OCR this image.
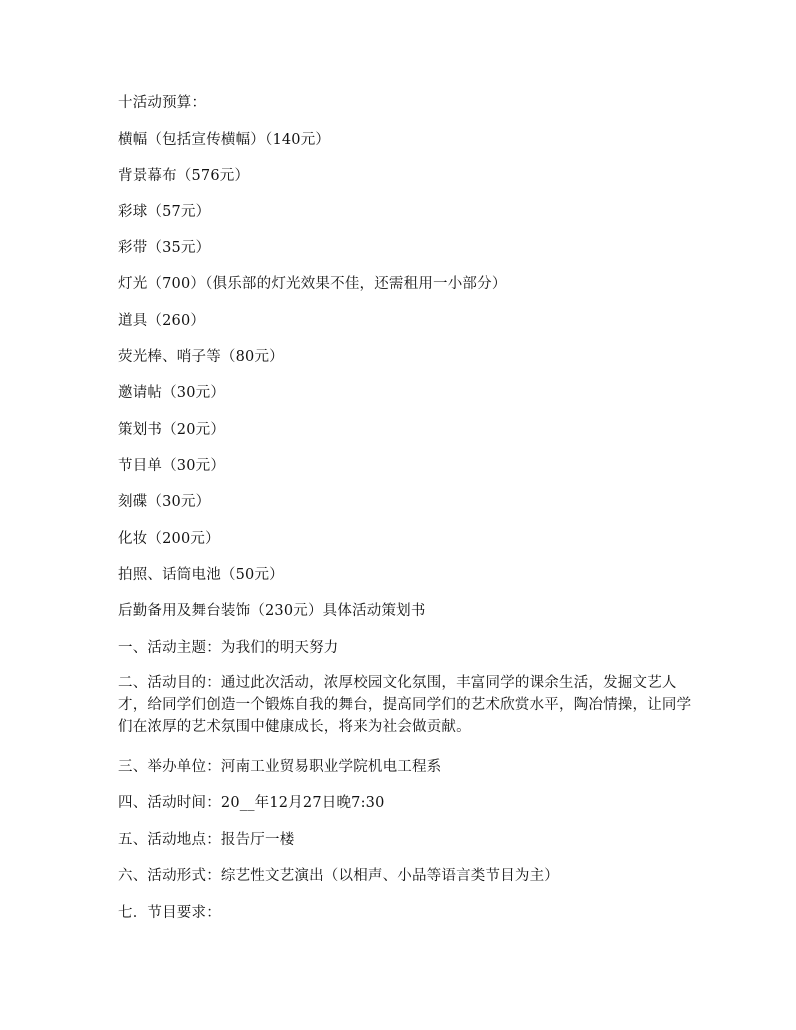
十活动预算：
横幅（包括宣传横幅）（140元）
背景幕布（576元）
彩球（57元）
彩带（35元）
灯光（700）（俱乐部的灯光效果不佳，还需租用一小部分）
道具（260）
荧光棒、哨子等（80元）
邀请帖（30元）
策划书（20元）
节目单（30元）
刻碟（30元）
化妆（200元）
拍照、话筒电池（50元）
后勤备用及舞台装饰（230元）具体活动策划书
一、活动主题：为我们的明天努力
二、活动目的：通过此次活动，浓厚校园文化氛围，丰富同学的课余生活，发掘文艺人才，给同学们创造一个锻炼自我的舞台，提高同学们的艺术欣赏水平，陶冶情操，让同学们在浓厚的艺术氛围中健康成长，将来为社会做贡献。
三、举办单位：河南工业贸易职业学院机电工程系
四、活动时间：20__年12月27日晚7:30
五、活动地点：报告厅一楼
六、活动形式：综艺性文艺演出（以相声、小品等语言类节目为主）
七．节目要求：
